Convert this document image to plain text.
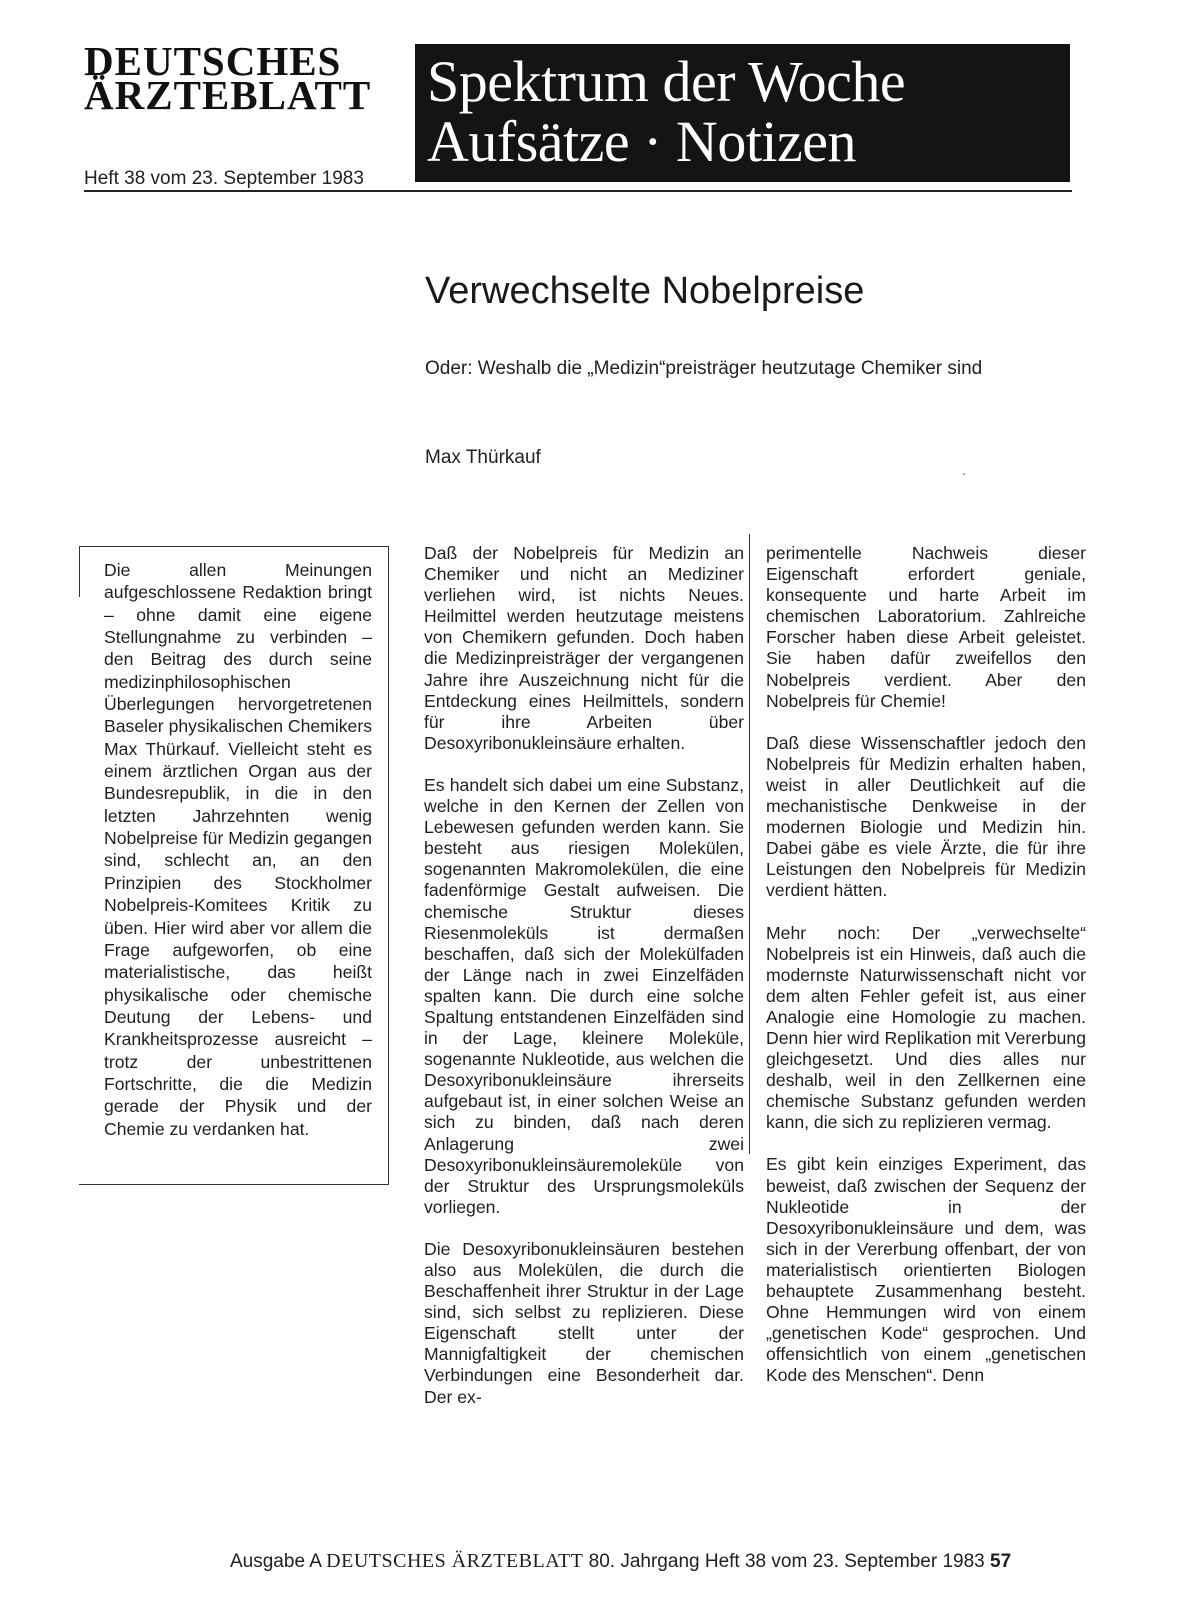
DEUTSCHES
ÄRZTEBLATT
Heft 38 vom 23. September 1983
Spektrum der Woche
Aufsätze · Notizen
Verwechselte Nobelpreise
Oder: Weshalb die „Medizin“preisträger heutzutage Chemiker sind
Max Thürkauf
Die allen Meinungen aufgeschlossene Redaktion bringt – ohne damit eine eigene Stellungnahme zu verbinden – den Beitrag des durch seine medizinphilosophischen Überlegungen hervorgetretenen Baseler physikalischen Chemikers Max Thürkauf. Vielleicht steht es einem ärztlichen Organ aus der Bundesrepublik, in die in den letzten Jahrzehnten wenig Nobelpreise für Medizin gegangen sind, schlecht an, an den Prinzipien des Stockholmer Nobelpreis-Komitees Kritik zu üben. Hier wird aber vor allem die Frage aufgeworfen, ob eine materialistische, das heißt physikalische oder chemische Deutung der Lebens- und Krankheitsprozesse ausreicht – trotz der unbestrittenen Fortschritte, die die Medizin gerade der Physik und der Chemie zu verdanken hat.

Daß der Nobelpreis für Medizin an Chemiker und nicht an Mediziner verliehen wird, ist nichts Neues. Heilmittel werden heutzutage meistens von Chemikern gefunden. Doch haben die Medizinpreisträger der vergangenen Jahre ihre Auszeichnung nicht für die Entdeckung eines Heilmittels, sondern für ihre Arbeiten über Desoxyribonukleinsäure erhalten.

Es handelt sich dabei um eine Substanz, welche in den Kernen der Zellen von Lebewesen gefunden werden kann. Sie besteht aus riesigen Molekülen, sogenannten Makromolekülen, die eine fadenförmige Gestalt aufweisen. Die chemische Struktur dieses Riesenmoleküls ist dermaßen beschaffen, daß sich der Molekülfaden der Länge nach in zwei Einzelfäden spalten kann. Die durch eine solche Spaltung entstandenen Einzelfäden sind in der Lage, kleinere Moleküle, sogenannte Nukleotide, aus welchen die Desoxyribonukleinsäure ihrerseits aufgebaut ist, in einer solchen Weise an sich zu binden, daß nach deren Anlagerung zwei Desoxyribonukleinsäuremoleküle von der Struktur des Ursprungsmoleküls vorliegen.

Die Desoxyribonukleinsäuren bestehen also aus Molekülen, die durch die Beschaffenheit ihrer Struktur in der Lage sind, sich selbst zu replizieren. Diese Eigenschaft stellt unter der Mannigfaltigkeit der chemischen Verbindungen eine Besonderheit dar. Der ex-

perimentelle Nachweis dieser Eigenschaft erfordert geniale, konsequente und harte Arbeit im chemischen Laboratorium. Zahlreiche Forscher haben diese Arbeit geleistet. Sie haben dafür zweifellos den Nobelpreis verdient. Aber den Nobelpreis für Chemie!

Daß diese Wissenschaftler jedoch den Nobelpreis für Medizin erhalten haben, weist in aller Deutlichkeit auf die mechanistische Denkweise in der modernen Biologie und Medizin hin. Dabei gäbe es viele Ärzte, die für ihre Leistungen den Nobelpreis für Medizin verdient hätten.

Mehr noch: Der „verwechselte“ Nobelpreis ist ein Hinweis, daß auch die modernste Naturwissenschaft nicht vor dem alten Fehler gefeit ist, aus einer Analogie eine Homologie zu machen. Denn hier wird Replikation mit Vererbung gleichgesetzt. Und dies alles nur deshalb, weil in den Zellkernen eine chemische Substanz gefunden werden kann, die sich zu replizieren vermag.

Es gibt kein einziges Experiment, das beweist, daß zwischen der Sequenz der Nukleotide in der Desoxyribonukleinsäure und dem, was sich in der Vererbung offenbart, der von materialistisch orientierten Biologen behauptete Zusammenhang besteht. Ohne Hemmungen wird von einem „genetischen Kode“ gesprochen. Und offensichtlich von einem „genetischen Kode des Menschen“. Denn

Ausgabe A DEUTSCHES ÄRZTEBLATT 80. Jahrgang Heft 38 vom 23. September 1983 57
